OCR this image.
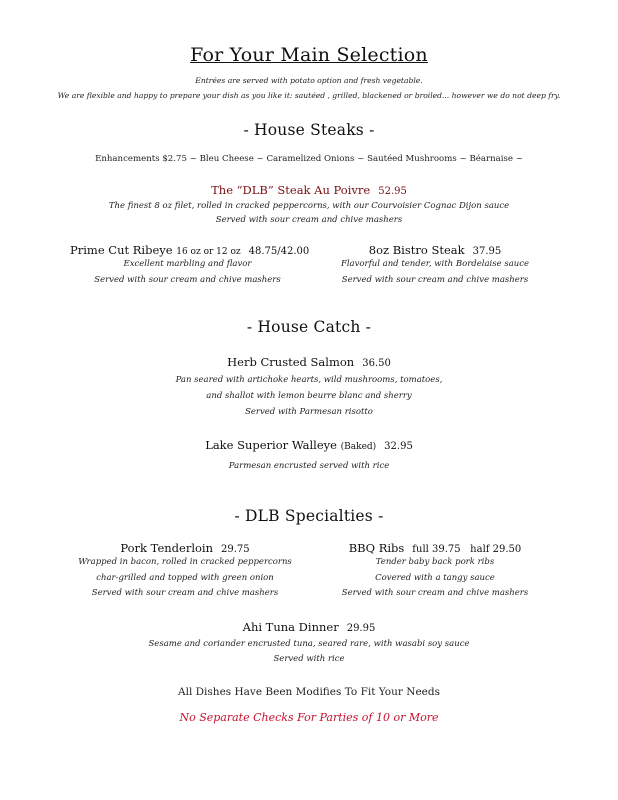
For Your Main Selection
Entrées are served with potato option and fresh vegetable.
We are flexible and happy to prepare your dish as you like it: sautéed , grilled, blackened or broiled... however we do not deep fry.
- House Steaks -
Enhancements $2.75 ~ Bleu Cheese ~ Caramelized Onions ~ Sautéed Mushrooms ~ Béarnaise ~
The “DLB” Steak Au Poivre 52.95
The finest 8 oz filet, rolled in cracked peppercorns, with our Courvoisier Cognac Dijon sauce
Served with sour cream and chive mashers
Prime Cut Ribeye 16 oz or 12 oz 48.75/42.00
Excellent marbling and flavor
Served with sour cream and chive mashers
8oz Bistro Steak 37.95
Flavorful and tender, with Bordelaise sauce
Served with sour cream and chive mashers
- House Catch -
Herb Crusted Salmon 36.50
Pan seared with artichoke hearts, wild mushrooms, tomatoes,
and shallot with lemon beurre blanc and sherry
Served with Parmesan risotto
Lake Superior Walleye (Baked) 32.95
Parmesan encrusted served with rice
- DLB Specialties -
Pork Tenderloin 29.75
Wrapped in bacon, rolled in cracked peppercorns
char-grilled and topped with green onion
Served with sour cream and chive mashers
BBQ Ribs full 39.75   half 29.50
Tender baby back pork ribs
Covered with a tangy sauce
Served with sour cream and chive mashers
Ahi Tuna Dinner 29.95
Sesame and coriander encrusted tuna, seared rare, with wasabi soy sauce
Served with rice
All Dishes Have Been Modifies To Fit Your Needs
No Separate Checks For Parties of 10 or More
